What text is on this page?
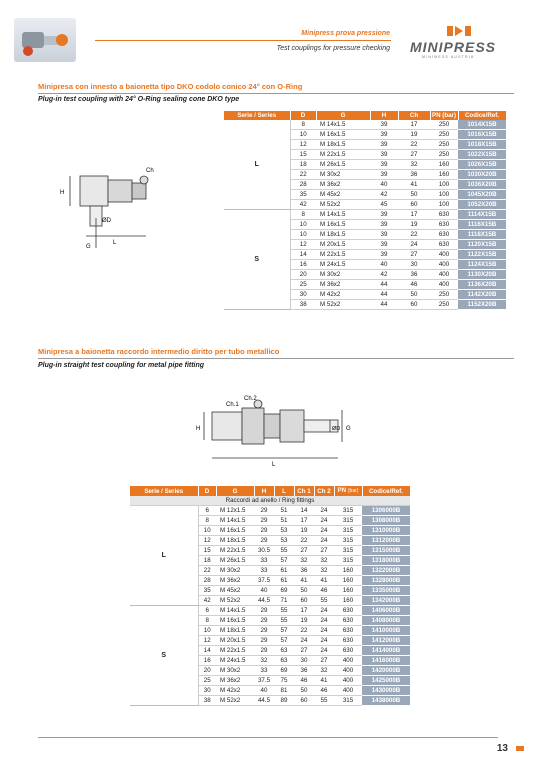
Minipress prova pressione
Test couplings for pressure checking MINIPRESS
MINIMESS AUSTRIA
Minipresa con innesto a baionetta tipo DKO codolo conico 24° con O-Ring
Plug-in test coupling with 24° O-Ring sealing cone DKO type
H
L
Ch
ØD
G
Serie / Series	D	G	H	Ch	PN (bar)	Codice/Ref.
L	8	M 14x1.5	39	17	250	1014X15B
	10	M 16x1.5	39	19	250	1016X15B
	12	M 18x1.5	39	22	250	1018X15B
	15	M 22x1.5	39	27	250	1022X15B
	18	M 26x1.5	39	32	160	1026X15B
	22	M 30x2	39	36	160	1030X20B
	28	M 36x2	40	41	100	1036X20B
	35	M 45x2	42	50	100	1045X20B
	42	M 52x2	45	60	100	1052X20B
S	8	M 14x1.5	39	17	630	1114X15B
	10	M 16x1.5	39	19	630	1116X15B
	10	M 18x1.5	39	22	630	1118X15B
	12	M 20x1.5	39	24	630	1120X15B
	14	M 22x1.5	39	27	400	1122X15B
	16	M 24x1.5	40	30	400	1124X15B
	20	M 30x2	42	36	400	1130X20B
	25	M 36x2	44	46	400	1136X20B
	30	M 42x2	44	50	250	1142X20B
	38	M 52x2	44	60	250	1152X20B
Minipresa a baionetta raccordo intermedio diritto per tubo metallico
Plug-in straight test coupling for metal pipe fitting
H
Ch.1
Ch.2
ØD G
L
Serie / Series	D	G	H	L	Ch 1	Ch 2	PN (bar)	Codice/Ref.
Raccordi ad anello / Ring fittings								
L	6	M 12x1.5	29	51	14	24	315	1306000B
	8	M 14x1.5	29	51	17	24	315	1308000B
	10	M 16x1.5	29	53	19	24	315	1310000B
	12	M 18x1.5	29	53	22	24	315	1312000B
	15	M 22x1.5	30.5	55	27	27	315	1315000B
	18	M 26x1.5	33	57	32	32	315	1318000B
	22	M 30x2	33	61	36	32	160	1322000B
	28	M 36x2	37.5	61	41	41	160	1328000B
	35	M 45x2	40	69	50	46	160	1335000B
	42	M 52x2	44.5	71	60	55	160	1342000B
S	6	M 14x1.5	29	55	17	24	630	1406000B
	8	M 16x1.5	29	55	19	24	630	1408000B
	10	M 18x1.5	29	57	22	24	630	1410000B
	12	M 20x1.5	29	57	24	24	630	1412000B
	14	M 22x1.5	29	63	27	24	630	1414000B
	16	M 24x1.5	32	63	30	27	400	1416000B
	20	M 30x2	33	69	36	32	400	1420000B
	25	M 36x2	37.5	75	46	41	400	1425000B
	30	M 42x2	40	81	50	46	400	1430000B
	38	M 52x2	44.5	89	60	55	315	1438000B
13
